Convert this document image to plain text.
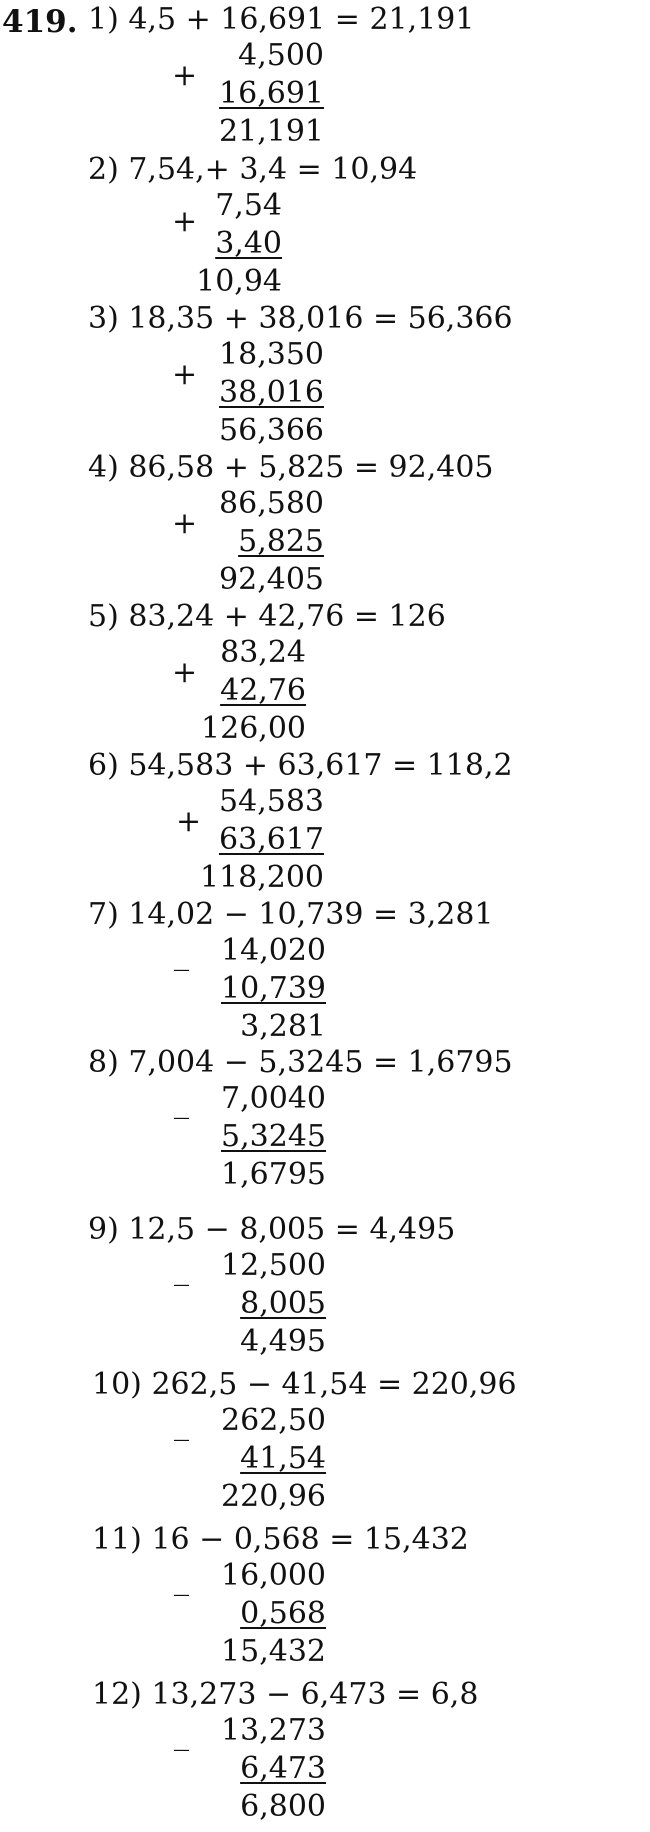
419. 1) 4,5 + 16,691 = 21,191
+
4,500
16,691
21,191
2) 7,54,+ 3,4 = 10,94
+ 7,54
3,40
10,94
3) 18,35 + 38,016 = 56,366
+
18,350
38,016
56,366
4) 86,58 + 5,825 = 92,405
+
86,580
5,825
92,405
5) 83,24 + 42,76 = 126
+
83,24
42,76
126,00
6) 54,583 + 63,617 = 118,2
+
54,583
63,617
118,200
7) 14,02 − 10,739 = 3,281
_	14,020
10,739
3,281
8) 7,004 − 5,3245 = 1,6795
_	7,0040
5,3245
1,6795
9) 12,5 − 8,005 = 4,495
_	12,500
8,005
4,495
10) 262,5 − 41,54 = 220,96
_	262,50
41,54
220,96
11) 16 − 0,568 = 15,432
_	16,000
0,568
15,432
12) 13,273 − 6,473 = 6,8
_	13,273
6,473
6,800
